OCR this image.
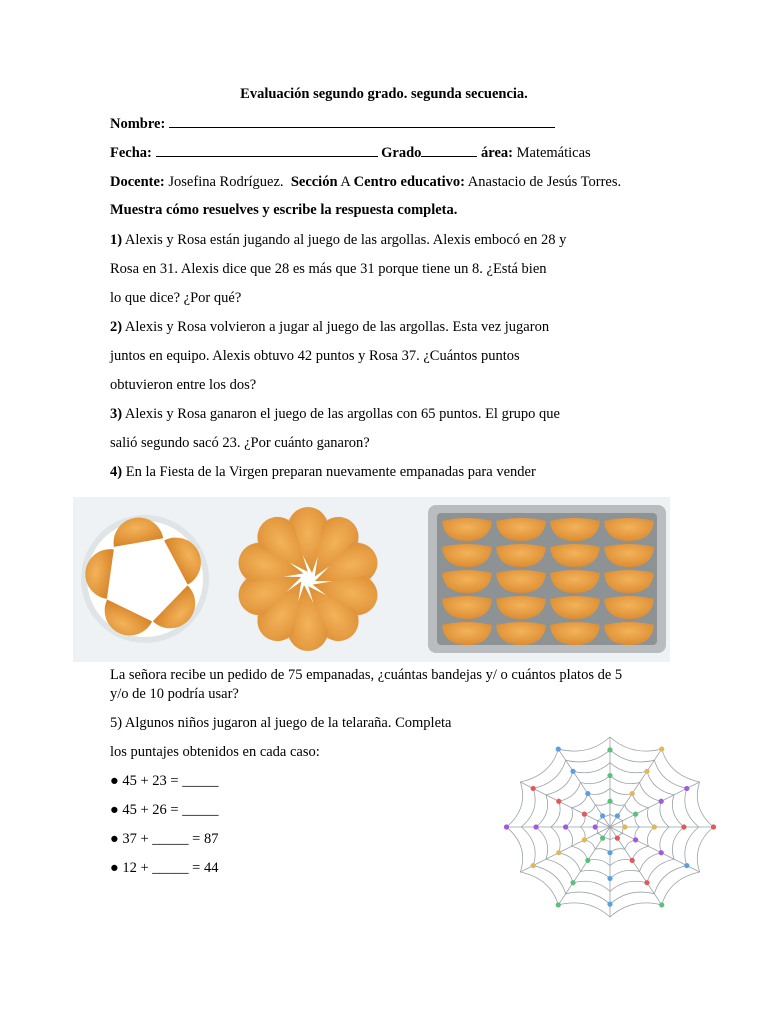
Evaluación segundo grado. segunda secuencia.
Nombre:
Fecha:	Grado	área: Matemáticas
Docente: Josefina Rodríguez. Sección A Centro educativo: Anastacio de Jesús Torres.
Muestra cómo resuelves y escribe la respuesta completa.
1) Alexis y Rosa están jugando al juego de las argollas. Alexis embocó en 28 y
Rosa en 31. Alexis dice que 28 es más que 31 porque tiene un 8. ¿Está bien
lo que dice? ¿Por qué?
2) Alexis y Rosa volvieron a jugar al juego de las argollas. Esta vez jugaron
juntos en equipo. Alexis obtuvo 42 puntos y Rosa 37. ¿Cuántos puntos
obtuvieron entre los dos?
3) Alexis y Rosa ganaron el juego de las argollas con 65 puntos. El grupo que
salió segundo sacó 23. ¿Por cuánto ganaron?
4) En la Fiesta de la Virgen preparan nuevamente empanadas para vender
La señora recibe un pedido de 75 empanadas, ¿cuántas bandejas y/ o cuántos platos de 5
y/o de 10 podría usar?
5) Algunos niños jugaron al juego de la telaraña. Completa
los puntajes obtenidos en cada caso:
● 45 + 23 = _____
● 45 + 26 = _____
● 37 + _____ = 87
● 12 + _____ = 44
